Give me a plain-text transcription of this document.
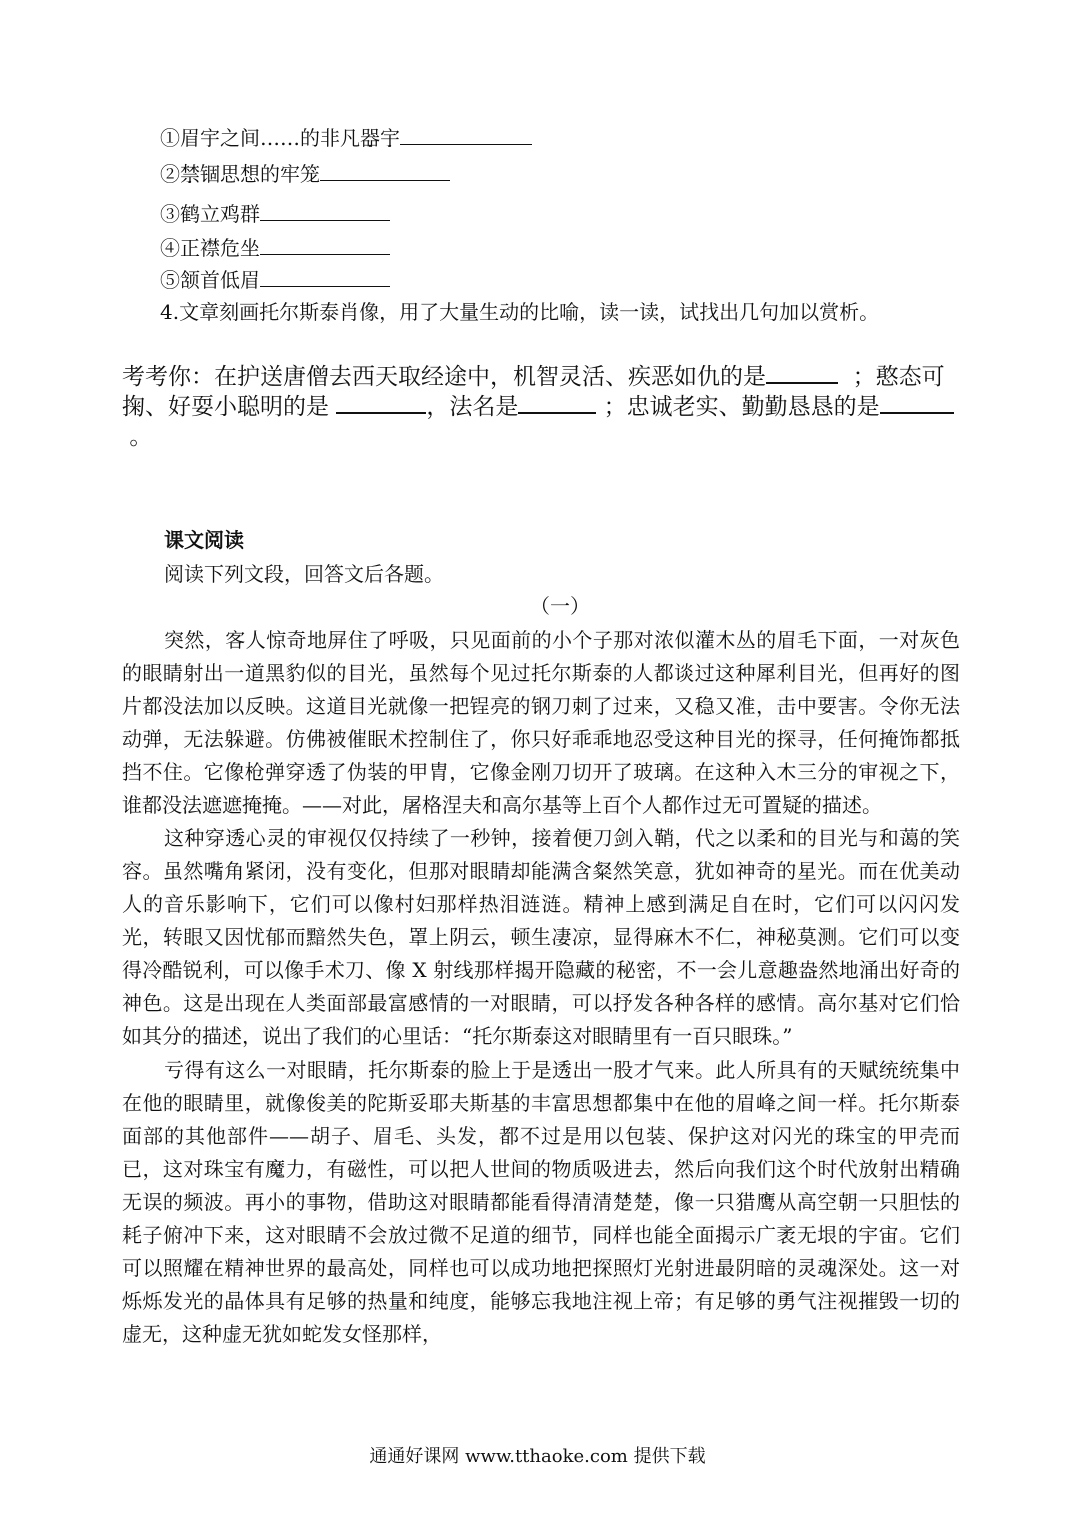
①眉宇之间……的非凡器宇
②禁锢思想的牢笼
③鹤立鸡群
④正襟危坐
⑤颔首低眉
4.文章刻画托尔斯泰肖像，用了大量生动的比喻，读一读，试找出几句加以赏析。
考考你：在护送唐僧去西天取经途中，机智灵活、疾恶如仇的是	；憨态可掬、好耍小聪明的是	，法名是	；忠诚老实、勤勤恳恳的是 。
课文阅读
阅读下列文段，回答文后各题。
（一）
突然，客人惊奇地屏住了呼吸，只见面前的小个子那对浓似灌木丛的眉毛下面，一对灰色的眼睛射出一道黑豹似的目光，虽然每个见过托尔斯泰的人都谈过这种犀利目光，但再好的图片都没法加以反映。这道目光就像一把锃亮的钢刀刺了过来，又稳又准，击中要害。令你无法动弹，无法躲避。仿佛被催眠术控制住了，你只好乖乖地忍受这种目光的探寻，任何掩饰都抵挡不住。它像枪弹穿透了伪装的甲胄，它像金刚刀切开了玻璃。在这种入木三分的审视之下，谁都没法遮遮掩掩。——对此，屠格涅夫和高尔基等上百个人都作过无可置疑的描述。
这种穿透心灵的审视仅仅持续了一秒钟，接着便刀剑入鞘，代之以柔和的目光与和蔼的笑容。虽然嘴角紧闭，没有变化，但那对眼睛却能满含粲然笑意，犹如神奇的星光。而在优美动人的音乐影响下，它们可以像村妇那样热泪涟涟。精神上感到满足自在时，它们可以闪闪发光，转眼又因忧郁而黯然失色，罩上阴云，顿生凄凉，显得麻木不仁，神秘莫测。它们可以变得冷酷锐利，可以像手术刀、像 X 射线那样揭开隐藏的秘密，不一会儿意趣盎然地涌出好奇的神色。这是出现在人类面部最富感情的一对眼睛，可以抒发各种各样的感情。高尔基对它们恰如其分的描述，说出了我们的心里话：“托尔斯泰这对眼睛里有一百只眼珠。”
亏得有这么一对眼睛，托尔斯泰的脸上于是透出一股才气来。此人所具有的天赋统统集中在他的眼睛里，就像俊美的陀斯妥耶夫斯基的丰富思想都集中在他的眉峰之间一样。托尔斯泰面部的其他部件——胡子、眉毛、头发，都不过是用以包装、保护这对闪光的珠宝的甲壳而已，这对珠宝有魔力，有磁性，可以把人世间的物质吸进去，然后向我们这个时代放射出精确无误的频波。再小的事物，借助这对眼睛都能看得清清楚楚，像一只猎鹰从高空朝一只胆怯的耗子俯冲下来，这对眼睛不会放过微不足道的细节，同样也能全面揭示广袤无垠的宇宙。它们可以照耀在精神世界的最高处，同样也可以成功地把探照灯光射进最阴暗的灵魂深处。这一对烁烁发光的晶体具有足够的热量和纯度，能够忘我地注视上帝；有足够的勇气注视摧毁一切的虚无，这种虚无犹如蛇发女怪那样，
通通好课网 www.tthaoke.com 提供下载
